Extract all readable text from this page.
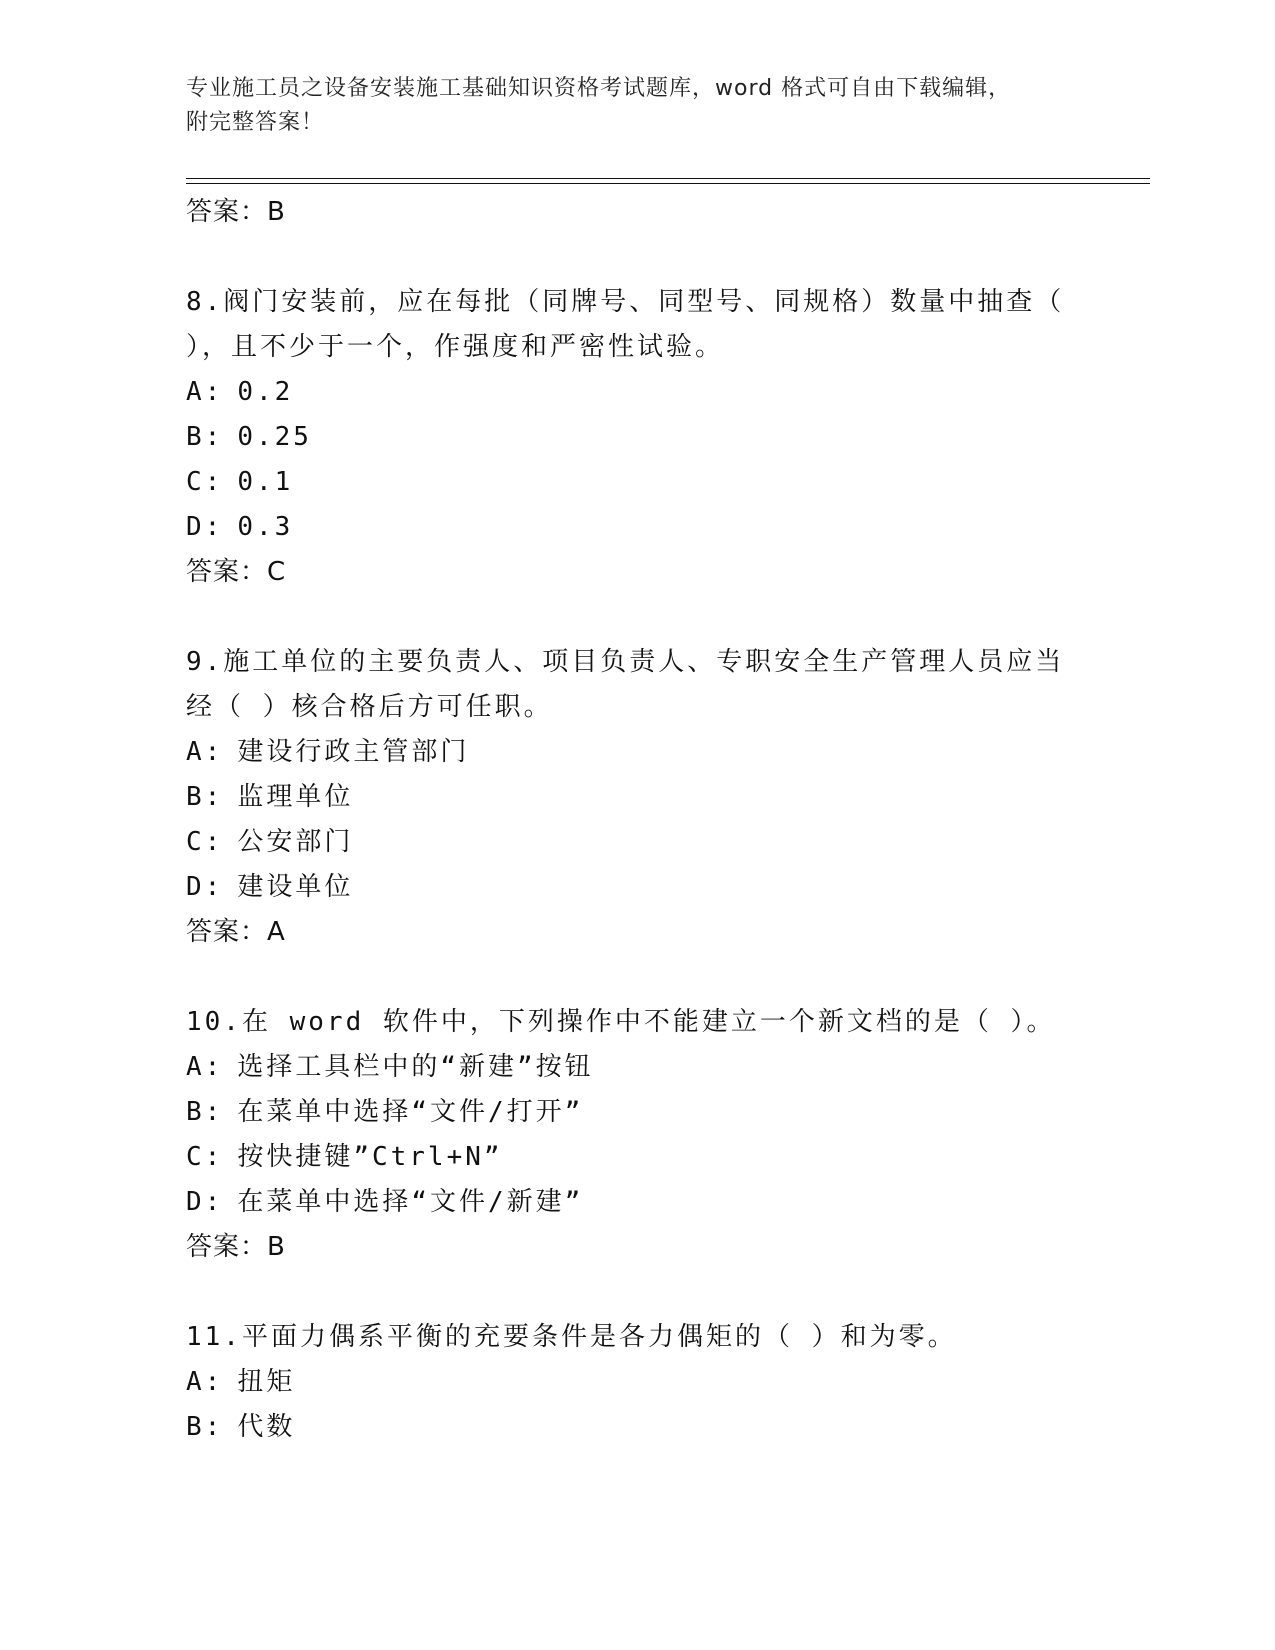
专业施工员之设备安装施工基础知识资格考试题库，word 格式可自由下载编辑，
附完整答案！
答案：B
8.阀门安装前，应在每批（同牌号、同型号、同规格）数量中抽查（
），且不少于一个，作强度和严密性试验。
A: 0.2
B: 0.25
C: 0.1
D: 0.3
答案：C
9.施工单位的主要负责人、项目负责人、专职安全生产管理人员应当
经（ ）核合格后方可任职。
A: 建设行政主管部门
B: 监理单位
C: 公安部门
D: 建设单位
答案：A
10.在 word 软件中，下列操作中不能建立一个新文档的是（ ）。
A: 选择工具栏中的“新建”按钮
B: 在菜单中选择“文件/打开”
C: 按快捷键”Ctrl+N”
D: 在菜单中选择“文件/新建”
答案：B
11.平面力偶系平衡的充要条件是各力偶矩的（ ）和为零。
A: 扭矩
B: 代数
